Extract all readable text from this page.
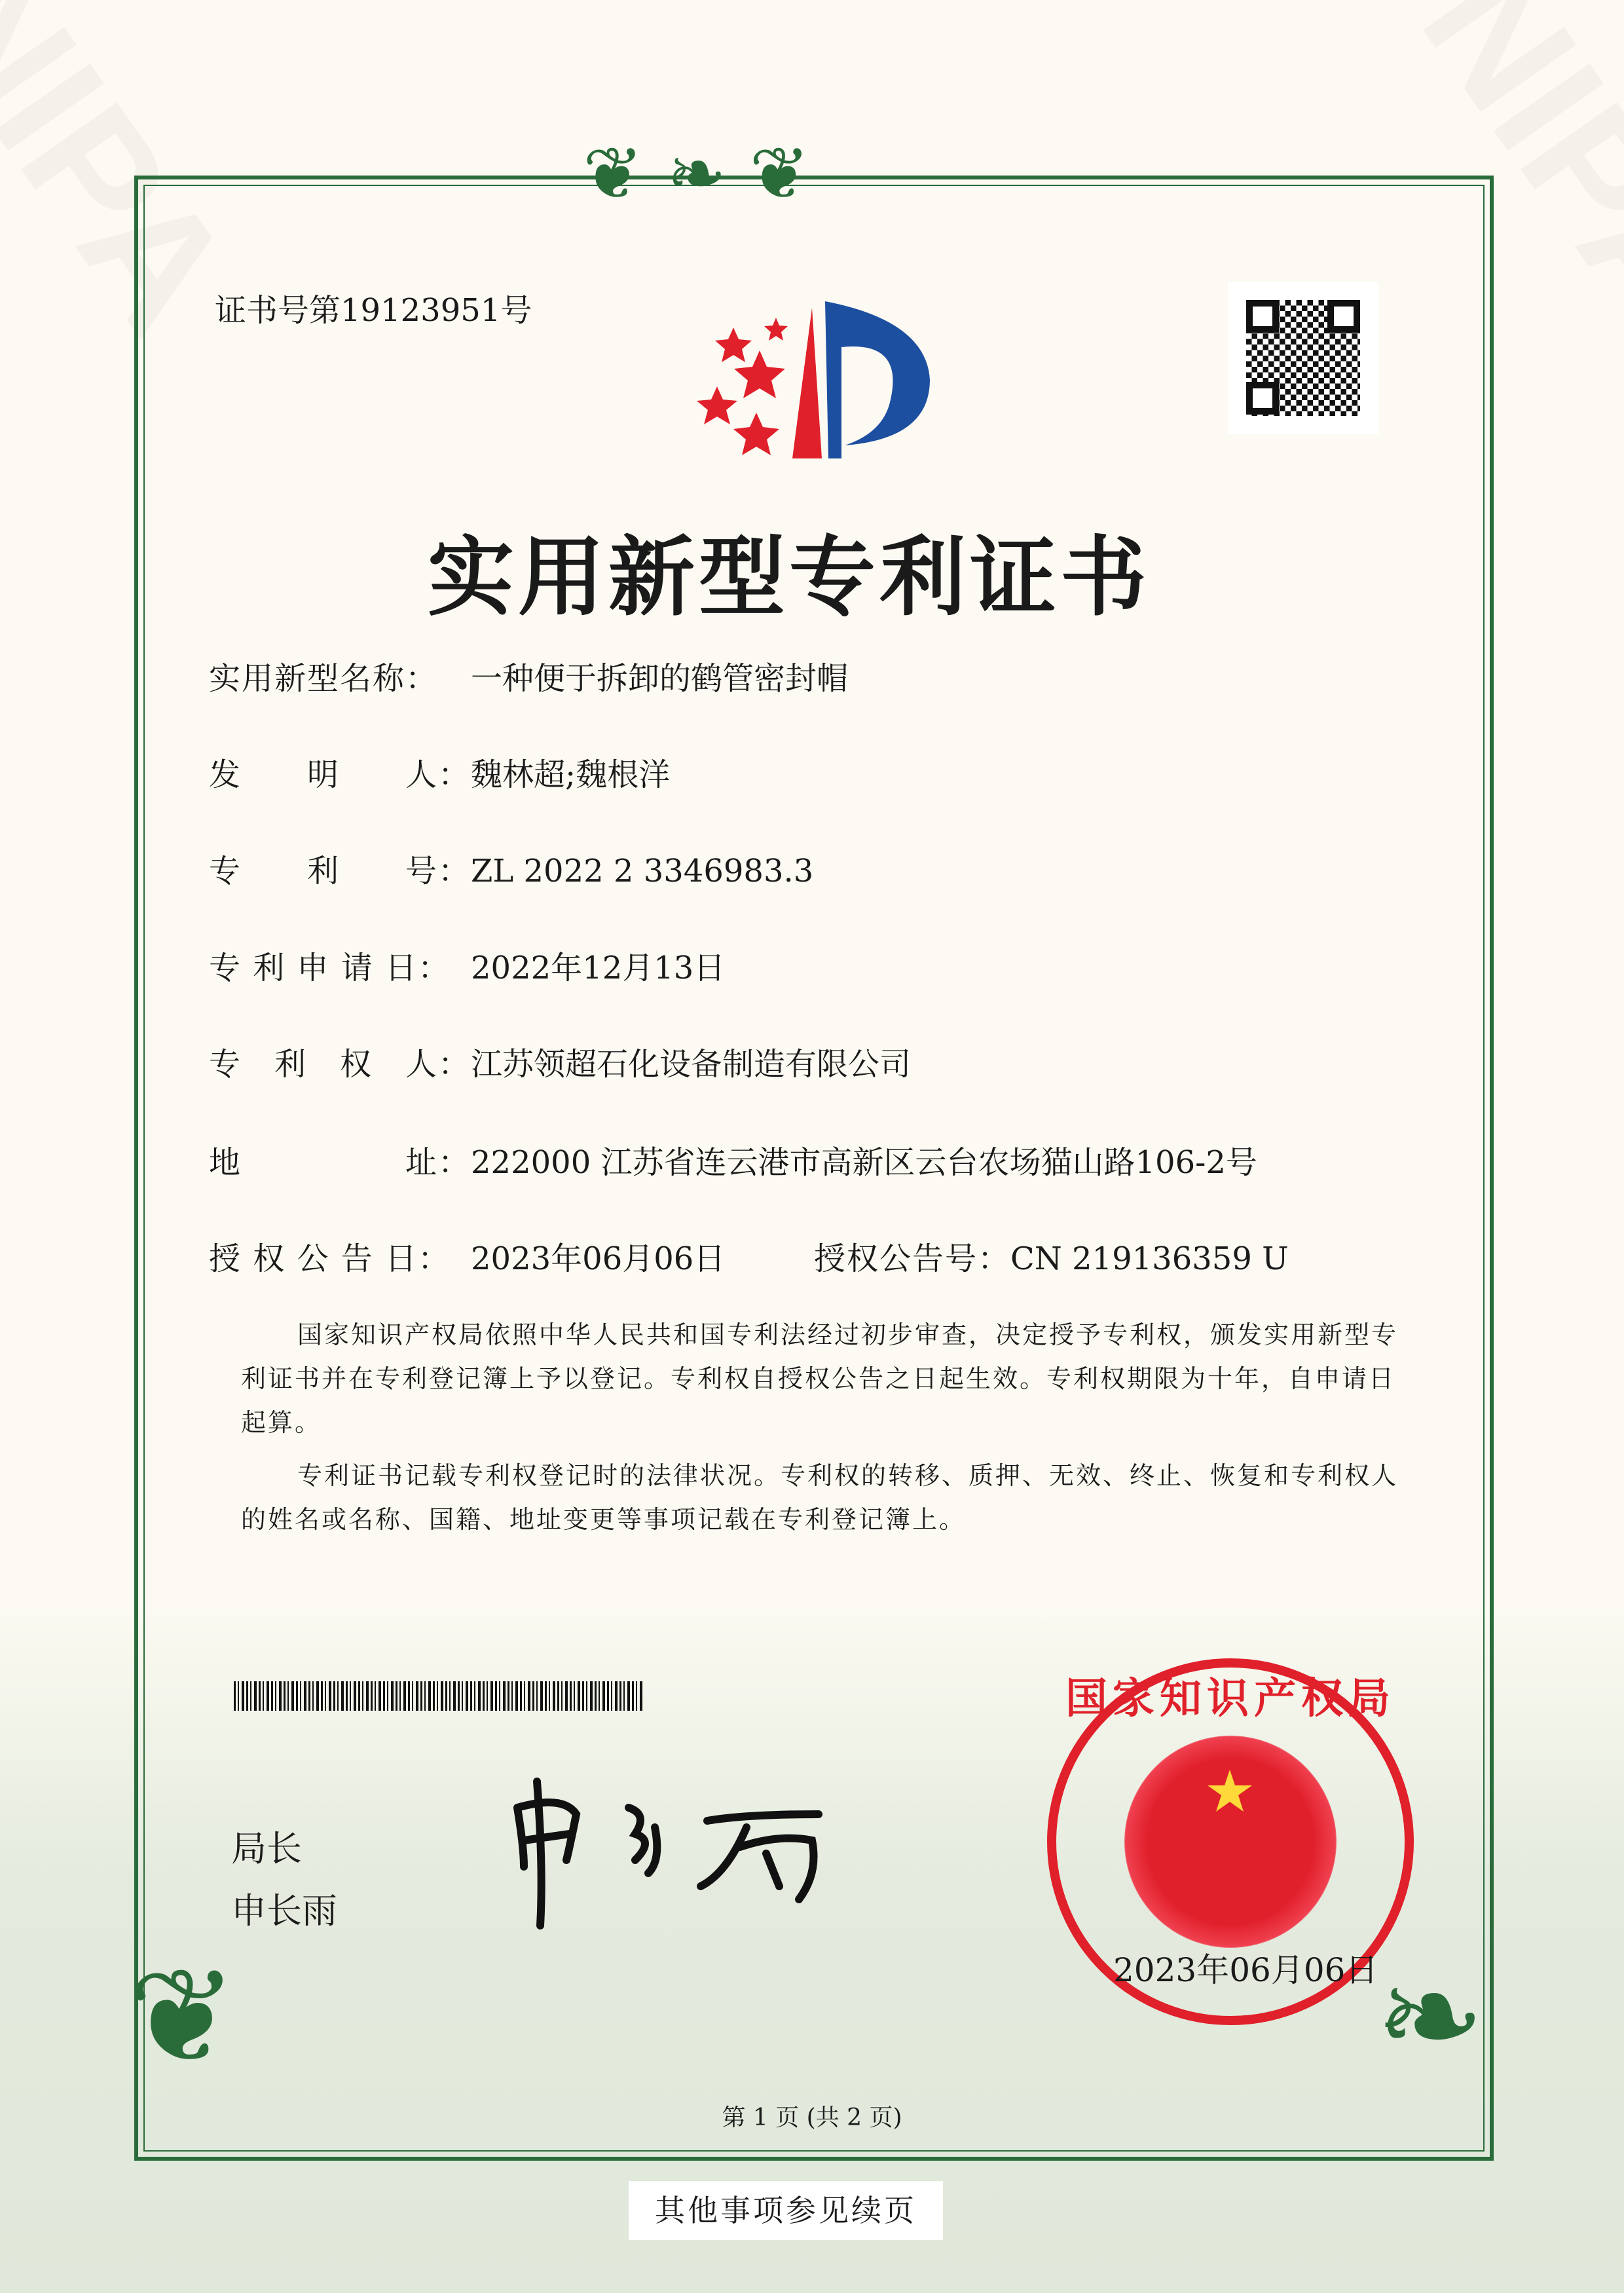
❦ ❧ ❦
❦	❧
证书号第19123951号
实用新型专利证书
实用新型名称： 一种便于拆卸的鹤管密封帽
发　　明　　人：魏林超;魏根洋
专　　利　　号：ZL 2022 2 3346983.3
专 利 申 请 日： 2022年12月13日
专　利　权　人：江苏领超石化设备制造有限公司
地　　　　　址：222000 江苏省连云港市高新区云台农场猫山路106-2号
授 权 公 告 日： 2023年06月06日	授权公告号：CN 219136359 U
国家知识产权局依照中华人民共和国专利法经过初步审查，决定授予专利权，颁发实用新型专利证书并在专利登记簿上予以登记。专利权自授权公告之日起生效。专利权期限为十年，自申请日起算。
专利证书记载专利权登记时的法律状况。专利权的转移、质押、无效、终止、恢复和专利权人的姓名或名称、国籍、地址变更等事项记载在专利登记簿上。
局长
申长雨
国家知识产权局
2023年06月06日
第 1 页 (共 2 页)
其他事项参见续页
